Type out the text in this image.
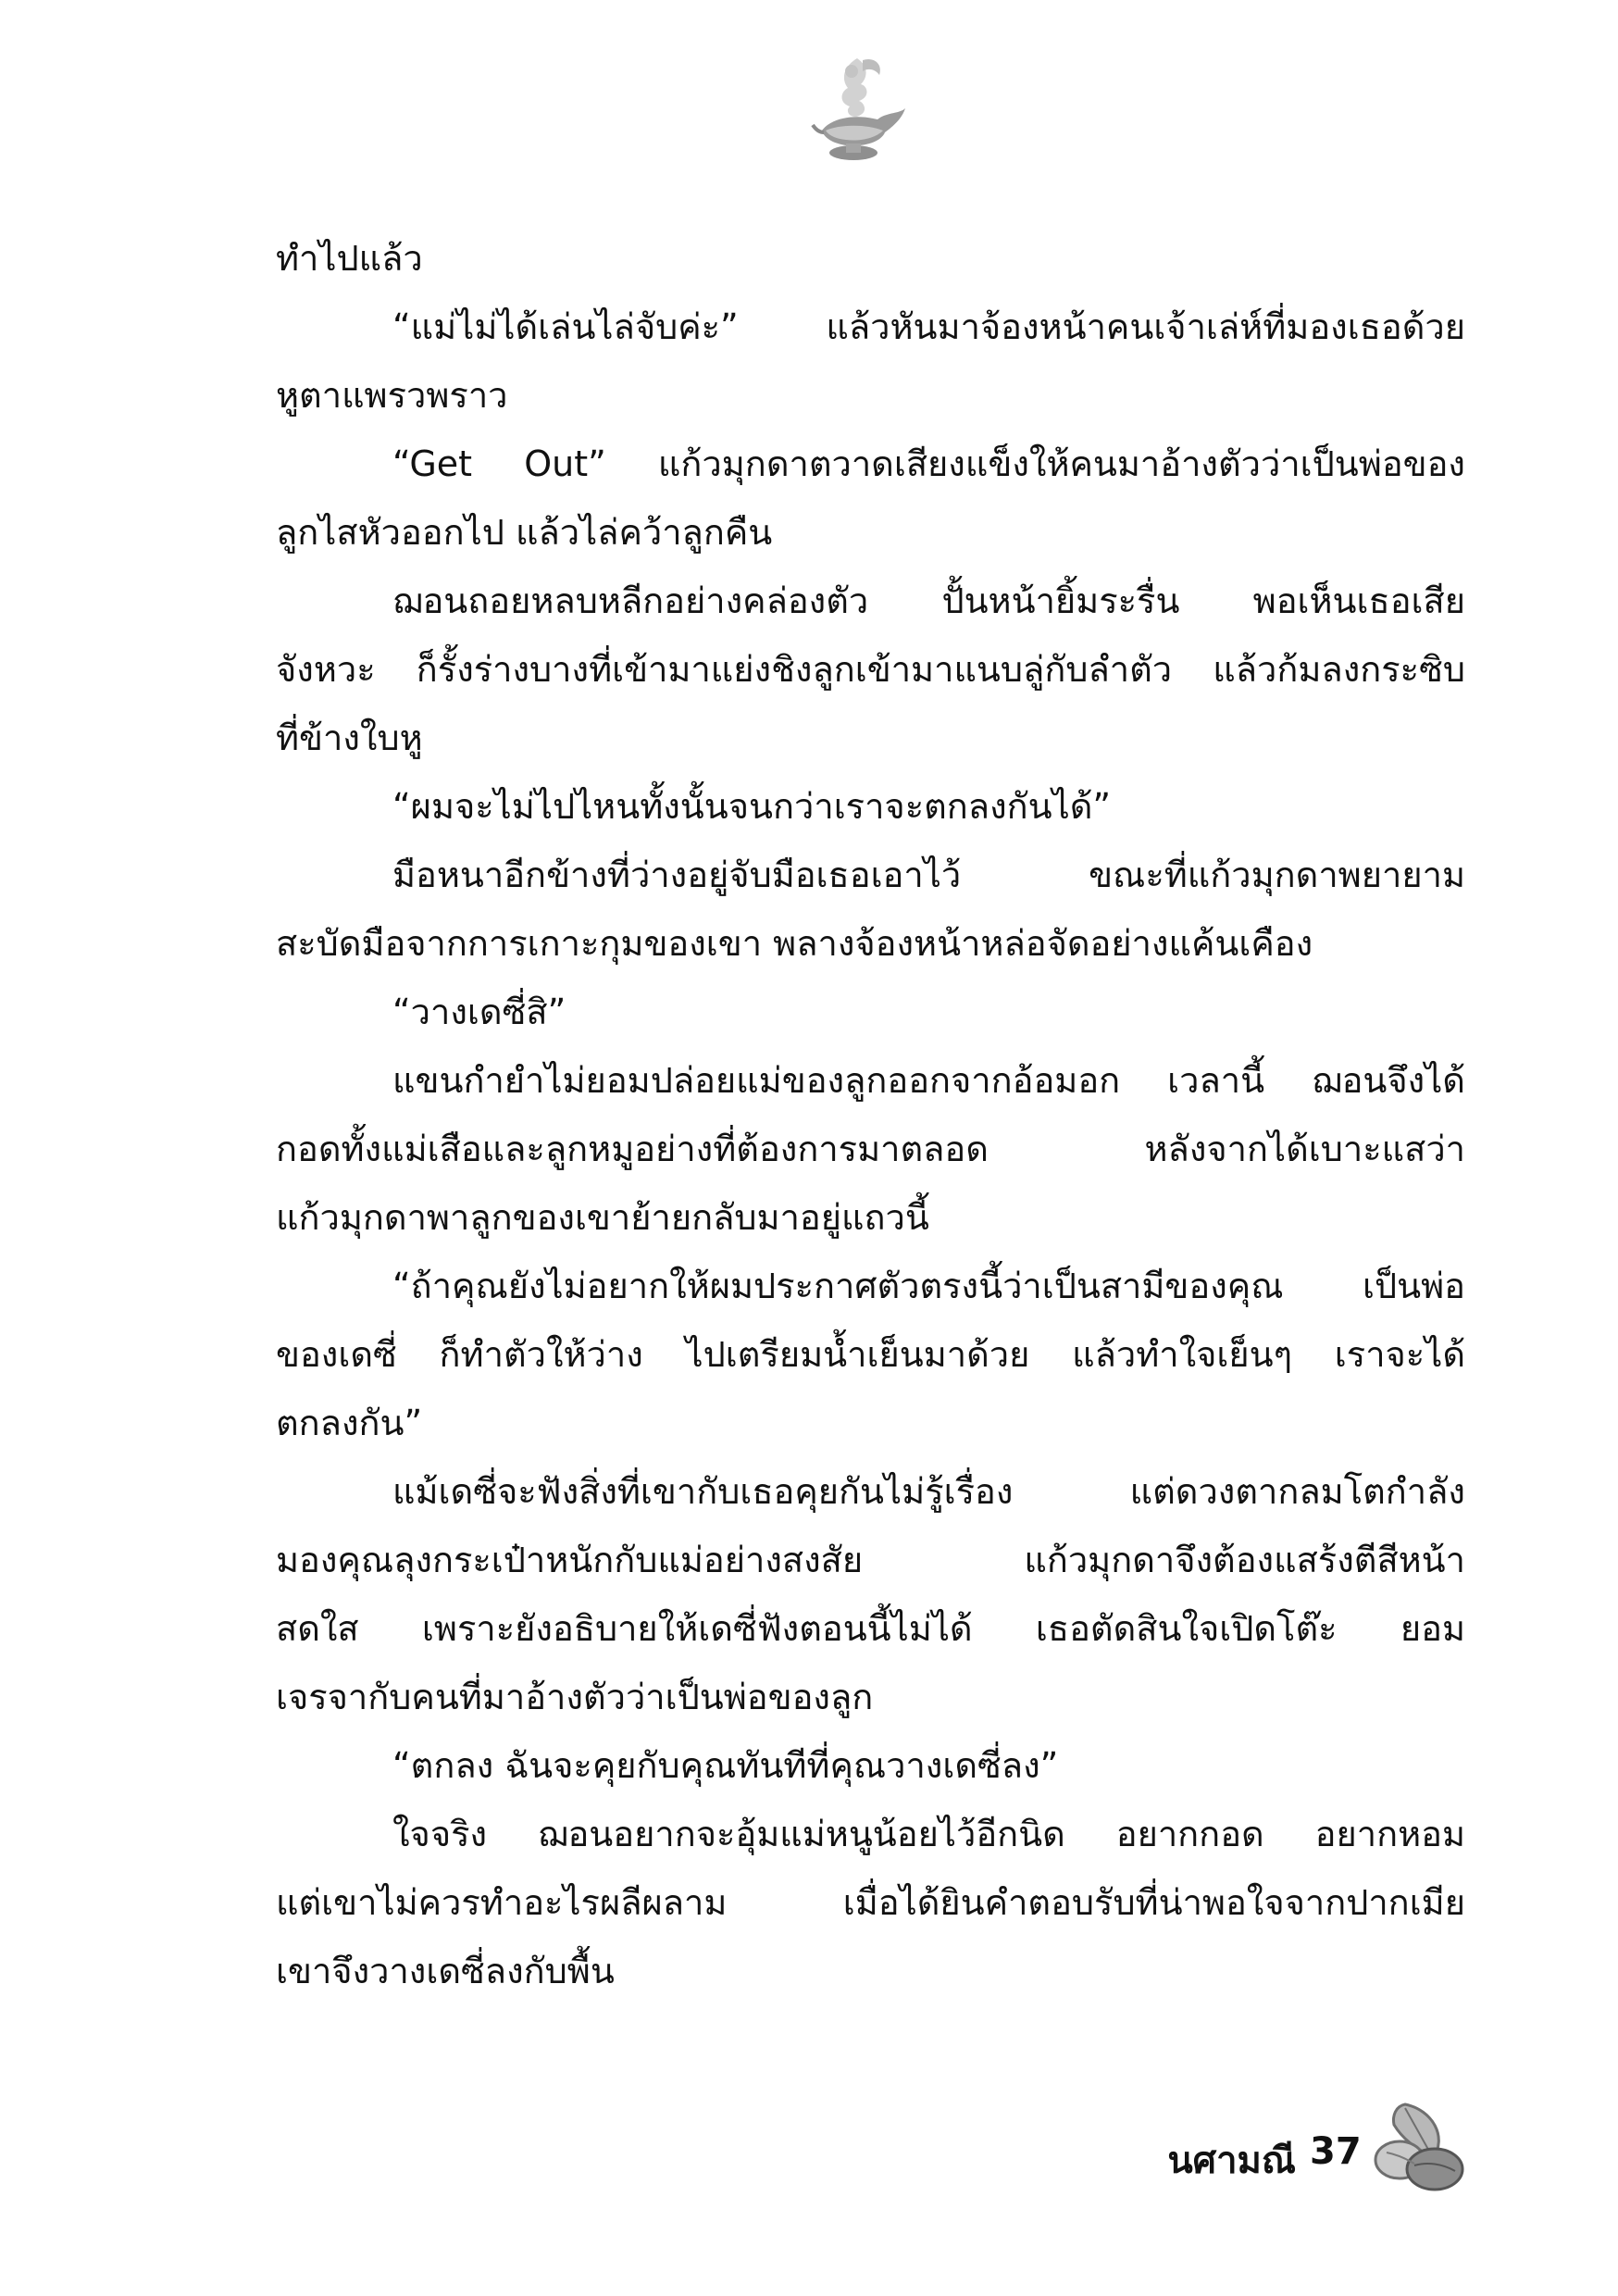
ทำไปแล้ว
“แม่ไม่ได้เล่นไล่จับค่ะ” แล้วหันมาจ้องหน้าคนเจ้าเล่ห์ที่มองเธอด้วย
หูตาแพรวพราว
“Get Out” แก้วมุกดาตวาดเสียงแข็งให้คนมาอ้างตัวว่าเป็นพ่อของ
ลูกไสหัวออกไป แล้วไล่คว้าลูกคืน
ฌอนถอยหลบหลีกอย่างคล่องตัว ปั้นหน้ายิ้มระรื่น พอเห็นเธอเสีย
จังหวะ ก็รั้งร่างบางที่เข้ามาแย่งชิงลูกเข้ามาแนบลู่กับลำตัว แล้วก้มลงกระซิบ
ที่ข้างใบหู
“ผมจะไม่ไปไหนทั้งนั้นจนกว่าเราจะตกลงกันได้”
มือหนาอีกข้างที่ว่างอยู่จับมือเธอเอาไว้ ขณะที่แก้วมุกดาพยายาม
สะบัดมือจากการเกาะกุมของเขา พลางจ้องหน้าหล่อจัดอย่างแค้นเคือง
“วางเดซี่สิ”
แขนกำยำไม่ยอมปล่อยแม่ของลูกออกจากอ้อมอก เวลานี้ ฌอนจึงได้
กอดทั้งแม่เสือและลูกหมูอย่างที่ต้องการมาตลอด หลังจากได้เบาะแสว่า
แก้วมุกดาพาลูกของเขาย้ายกลับมาอยู่แถวนี้
“ถ้าคุณยังไม่อยากให้ผมประกาศตัวตรงนี้ว่าเป็นสามีของคุณ เป็นพ่อ
ของเดซี่ ก็ทำตัวให้ว่าง ไปเตรียมน้ำเย็นมาด้วย แล้วทำใจเย็นๆ เราจะได้
ตกลงกัน”
แม้เดซี่จะฟังสิ่งที่เขากับเธอคุยกันไม่รู้เรื่อง แต่ดวงตากลมโตกำลัง
มองคุณลุงกระเป๋าหนักกับแม่อย่างสงสัย แก้วมุกดาจึงต้องแสร้งตีสีหน้า
สดใส เพราะยังอธิบายให้เดซี่ฟังตอนนี้ไม่ได้ เธอตัดสินใจเปิดโต๊ะ ยอม
เจรจากับคนที่มาอ้างตัวว่าเป็นพ่อของลูก
“ตกลง ฉันจะคุยกับคุณทันทีที่คุณวางเดซี่ลง”
ใจจริง ฌอนอยากจะอุ้มแม่หนูน้อยไว้อีกนิด อยากกอด อยากหอม
แต่เขาไม่ควรทำอะไรผลีผลาม เมื่อได้ยินคำตอบรับที่น่าพอใจจากปากเมีย
เขาจึงวางเดซี่ลงกับพื้น
นศามณี 37
